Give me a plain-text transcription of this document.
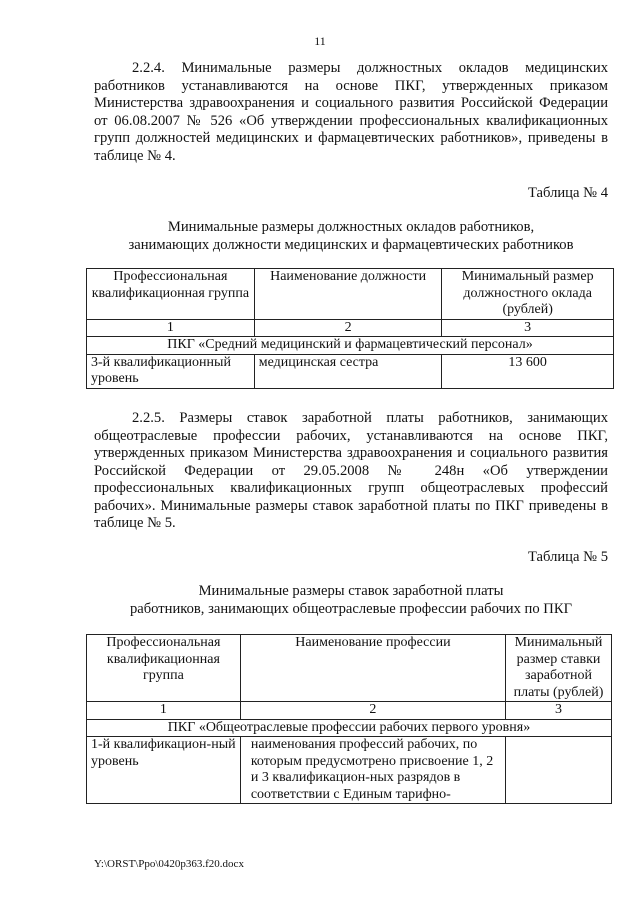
11

2.2.4. Минимальные размеры должностных окладов медицинских работников устанавливаются на основе ПКГ, утвержденных приказом Министерства здравоохранения и социального развития Российской Федерации от 06.08.2007 № 526 «Об утверждении профессиональных квалификационных групп должностей медицинских и фармацевтических работников», приведены в таблице № 4.

Таблица № 4
Минимальные размеры должностных окладов работников,
занимающих должности медицинских и фармацевтических работников
Профессиональная квалификационная группа	Наименование должности	Минимальный размер должностного оклада (рублей)
1	2	3
ПКГ «Средний медицинский и фармацевтический персонал»		
3-й квалификационный уровень	медицинская сестра	13 600

2.2.5. Размеры ставок заработной платы работников, занимающих общеотраслевые профессии рабочих, устанавливаются на основе ПКГ, утвержденных приказом Министерства здравоохранения и социального развития Российской Федерации от 29.05.2008 № 248н «Об утверждении профессиональных квалификационных групп общеотраслевых профессий рабочих». Минимальные размеры ставок заработной платы по ПКГ приведены в таблице № 5.

Таблица № 5
Минимальные размеры ставок заработной платы
работников, занимающих общеотраслевые профессии рабочих по ПКГ
Профессиональная квалификационная группа	Наименование профессии	Минимальный размер ставки заработной платы (рублей)
1	2	3
ПКГ «Общеотраслевые профессии рабочих первого уровня»		
1-й квалификацион-ный уровень	наименования профессий рабочих, по которым предусмотрено присвоение 1, 2 и 3 квалификацион-ных разрядов в соответствии с Единым тарифно-	
Y:\ORST\Ppo\0420p363.f20.docx
